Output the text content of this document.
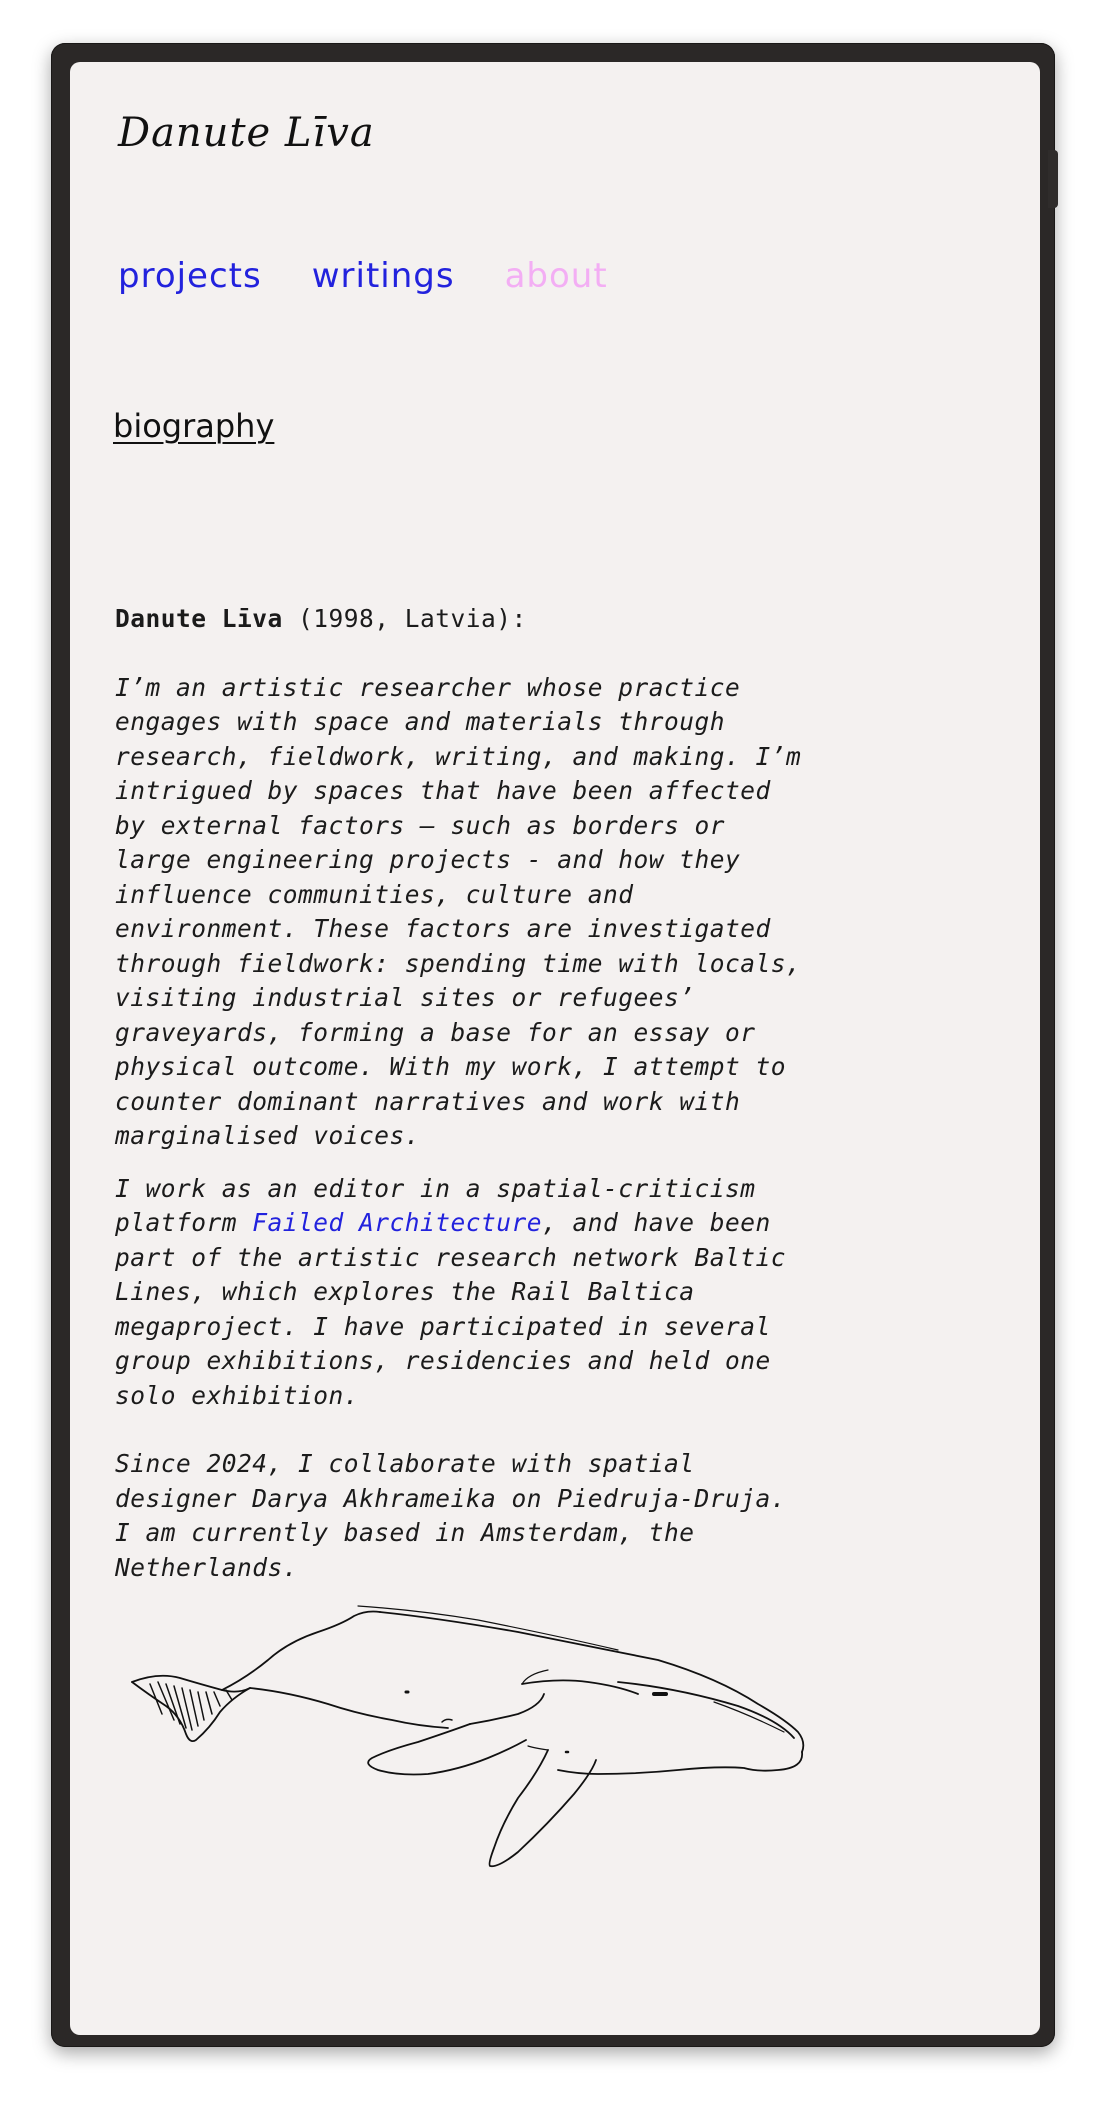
Danute Līva
projects writings about
biography

Danute Līva (1998, Latvia):

I’m an artistic researcher whose practice engages with space and materials through research, fieldwork, writing, and making. I’m intrigued by spaces that have been affected by external factors – such as borders or large engineering projects - and how they influence communities, culture and environment. These factors are investigated through fieldwork: spending time with locals, visiting industrial sites or refugees’ graveyards, forming a base for an essay or physical outcome. With my work, I attempt to counter dominant narratives and work with marginalised voices.

I work as an editor in a spatial-criticism platform Failed Architecture, and have been part of the artistic research network Baltic Lines, which explores the Rail Baltica megaproject. I have participated in several group exhibitions, residencies and held one solo exhibition.

Since 2024, I collaborate with spatial designer Darya Akhrameika on Piedruja-Druja.
I am currently based in Amsterdam, the Netherlands.
